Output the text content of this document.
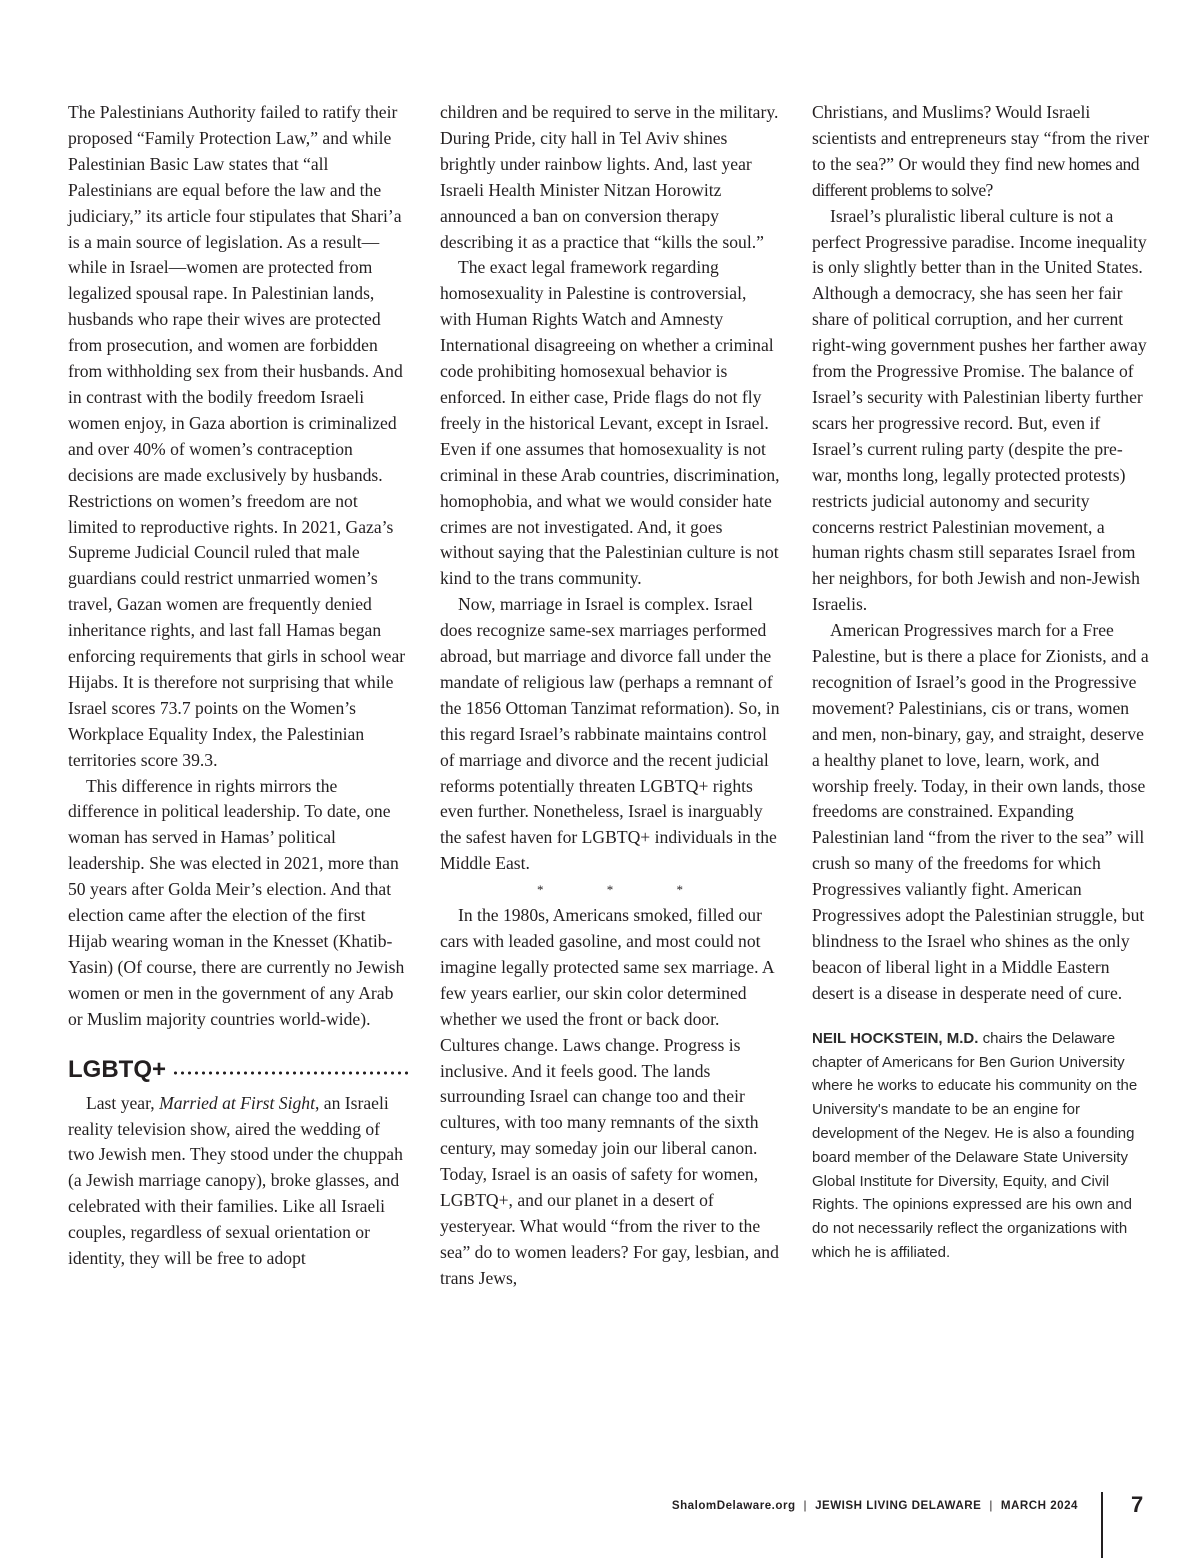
The Palestinians Authority failed to ratify their proposed “Family Protection Law,” and while Palestinian Basic Law states that “all Palestinians are equal before the law and the judiciary,” its article four stipulates that Shari’a is a main source of legislation. As a result—while in Israel—women are protected from legalized spousal rape. In Palestinian lands, husbands who rape their wives are protected from prosecution, and women are forbidden from withholding sex from their husbands. And in contrast with the bodily freedom Israeli women enjoy, in Gaza abortion is criminalized and over 40% of women’s contraception decisions are made exclusively by husbands. Restrictions on women’s freedom are not limited to reproductive rights. In 2021, Gaza’s Supreme Judicial Council ruled that male guardians could restrict unmarried women’s travel, Gazan women are frequently denied inheritance rights, and last fall Hamas began enforcing requirements that girls in school wear Hijabs. It is therefore not surprising that while Israel scores 73.7 points on the Women’s Workplace Equality Index, the Palestinian territories score 39.3.

This difference in rights mirrors the difference in political leadership. To date, one woman has served in Hamas’ political leadership. She was elected in 2021, more than 50 years after Golda Meir’s election. And that election came after the election of the first Hijab wearing woman in the Knesset (Khatib-Yasin) (Of course, there are currently no Jewish women or men in the government of any Arab or Muslim majority countries world-wide).

LGBTQ+

Last year, Married at First Sight, an Israeli reality television show, aired the wedding of two Jewish men. They stood under the chuppah (a Jewish marriage canopy), broke glasses, and celebrated with their families. Like all Israeli couples, regardless of sexual orientation or identity, they will be free to adopt

children and be required to serve in the military. During Pride, city hall in Tel Aviv shines brightly under rainbow lights. And, last year Israeli Health Minister Nitzan Horowitz announced a ban on conversion therapy describing it as a practice that “kills the soul.”

The exact legal framework regarding homosexuality in Palestine is controversial, with Human Rights Watch and Amnesty International disagreeing on whether a criminal code prohibiting homosexual behavior is enforced. In either case, Pride flags do not fly freely in the historical Levant, except in Israel. Even if one assumes that homosexuality is not criminal in these Arab countries, discrimination, homophobia, and what we would consider hate crimes are not investigated. And, it goes without saying that the Palestinian culture is not kind to the trans community.

Now, marriage in Israel is complex. Israel does recognize same-sex marriages performed abroad, but marriage and divorce fall under the mandate of religious law (perhaps a remnant of the 1856 Ottoman Tanzimat reformation). So, in this regard Israel’s rabbinate maintains control of marriage and divorce and the recent judicial reforms potentially threaten LGBTQ+ rights even further. Nonetheless, Israel is inarguably the safest haven for LGBTQ+ individuals in the Middle East.

* * *

In the 1980s, Americans smoked, filled our cars with leaded gasoline, and most could not imagine legally protected same sex marriage. A few years earlier, our skin color determined whether we used the front or back door. Cultures change. Laws change. Progress is inclusive. And it feels good. The lands surrounding Israel can change too and their cultures, with too many remnants of the sixth century, may someday join our liberal canon. Today, Israel is an oasis of safety for women, LGBTQ+, and our planet in a desert of yesteryear. What would “from the river to the sea” do to women leaders? For gay, lesbian, and trans Jews,

Christians, and Muslims? Would Israeli scientists and entrepreneurs stay “from the river to the sea?” Or would they find new homes and different problems to solve?

Israel’s pluralistic liberal culture is not a perfect Progressive paradise. Income inequality is only slightly better than in the United States. Although a democracy, she has seen her fair share of political corruption, and her current right-wing government pushes her farther away from the Progressive Promise. The balance of Israel’s security with Palestinian liberty further scars her progressive record. But, even if Israel’s current ruling party (despite the pre-war, months long, legally protected protests) restricts judicial autonomy and security concerns restrict Palestinian movement, a human rights chasm still separates Israel from her neighbors, for both Jewish and non-Jewish Israelis.

American Progressives march for a Free Palestine, but is there a place for Zionists, and a recognition of Israel’s good in the Progressive movement? Palestinians, cis or trans, women and men, non-binary, gay, and straight, deserve a healthy planet to love, learn, work, and worship freely. Today, in their own lands, those freedoms are constrained. Expanding Palestinian land “from the river to the sea” will crush so many of the freedoms for which Progressives valiantly fight. American Progressives adopt the Palestinian struggle, but blindness to the Israel who shines as the only beacon of liberal light in a Middle Eastern desert is a disease in desperate need of cure.

NEIL HOCKSTEIN, M.D. chairs the Delaware chapter of Americans for Ben Gurion University where he works to educate his community on the University's mandate to be an engine for development of the Negev. He is also a founding board member of the Delaware State University Global Institute for Diversity, Equity, and Civil Rights. The opinions expressed are his own and do not necessarily reflect the organizations with which he is affiliated.
ShalomDelaware.org | JEWISH LIVING DELAWARE | MARCH 2024 7
